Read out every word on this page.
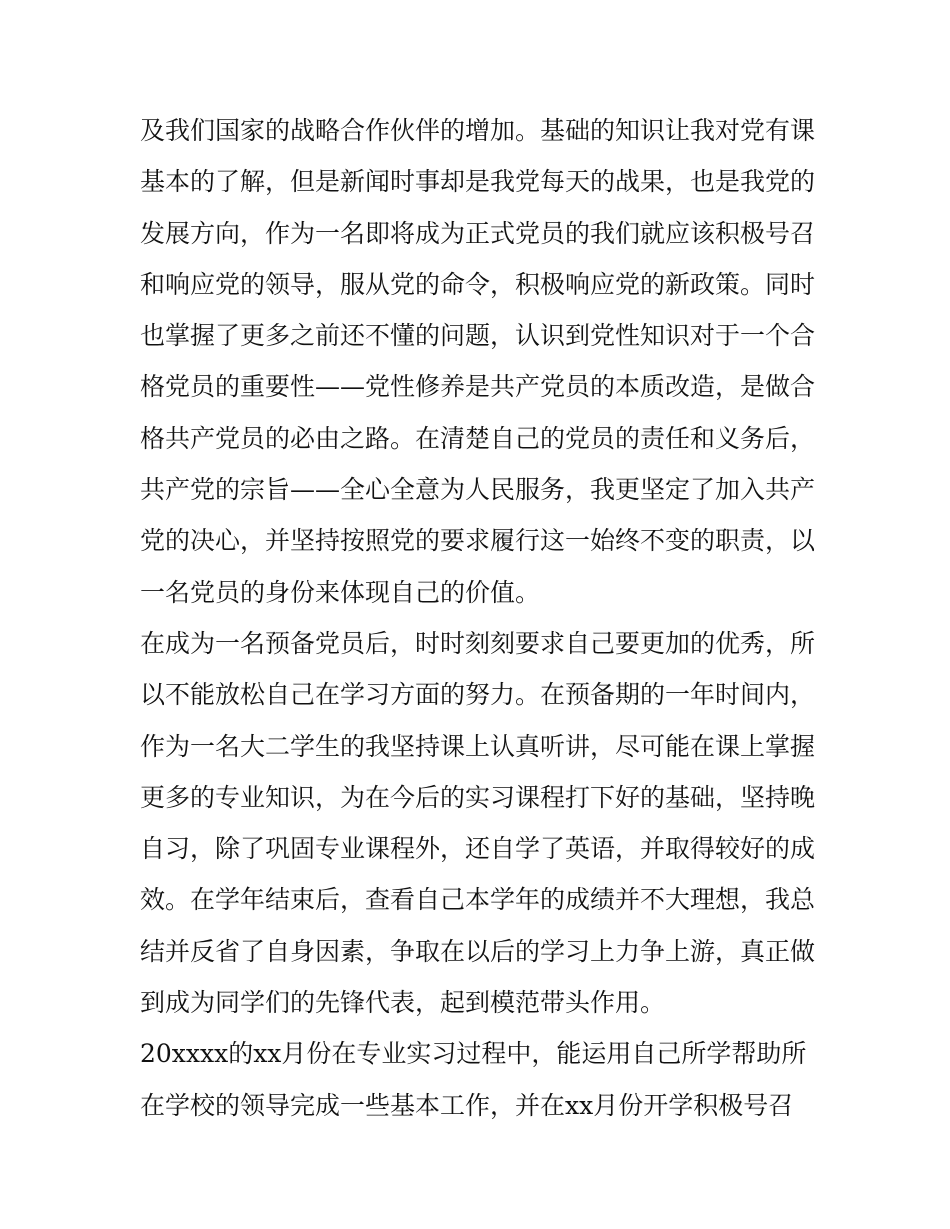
及我们国家的战略合作伙伴的增加。基础的知识让我对党有课
基本的了解，但是新闻时事却是我党每天的战果，也是我党的
发展方向，作为一名即将成为正式党员的我们就应该积极号召
和响应党的领导，服从党的命令，积极响应党的新政策。同时
也掌握了更多之前还不懂的问题，认识到党性知识对于一个合
格党员的重要性——党性修养是共产党员的本质改造，是做合
格共产党员的必由之路。在清楚自己的党员的责任和义务后，
共产党的宗旨——全心全意为人民服务，我更坚定了加入共产
党的决心，并坚持按照党的要求履行这一始终不变的职责，以
一名党员的身份来体现自己的价值。
在成为一名预备党员后，时时刻刻要求自己要更加的优秀，所
以不能放松自己在学习方面的努力。在预备期的一年时间内，
作为一名大二学生的我坚持课上认真听讲，尽可能在课上掌握
更多的专业知识，为在今后的实习课程打下好的基础，坚持晚
自习，除了巩固专业课程外，还自学了英语，并取得较好的成
效。在学年结束后，查看自己本学年的成绩并不大理想，我总
结并反省了自身因素，争取在以后的学习上力争上游，真正做
到成为同学们的先锋代表，起到模范带头作用。
20xxxx的xx月份在专业实习过程中，能运用自己所学帮助所
在学校的领导完成一些基本工作，并在xx月份开学积极号召
